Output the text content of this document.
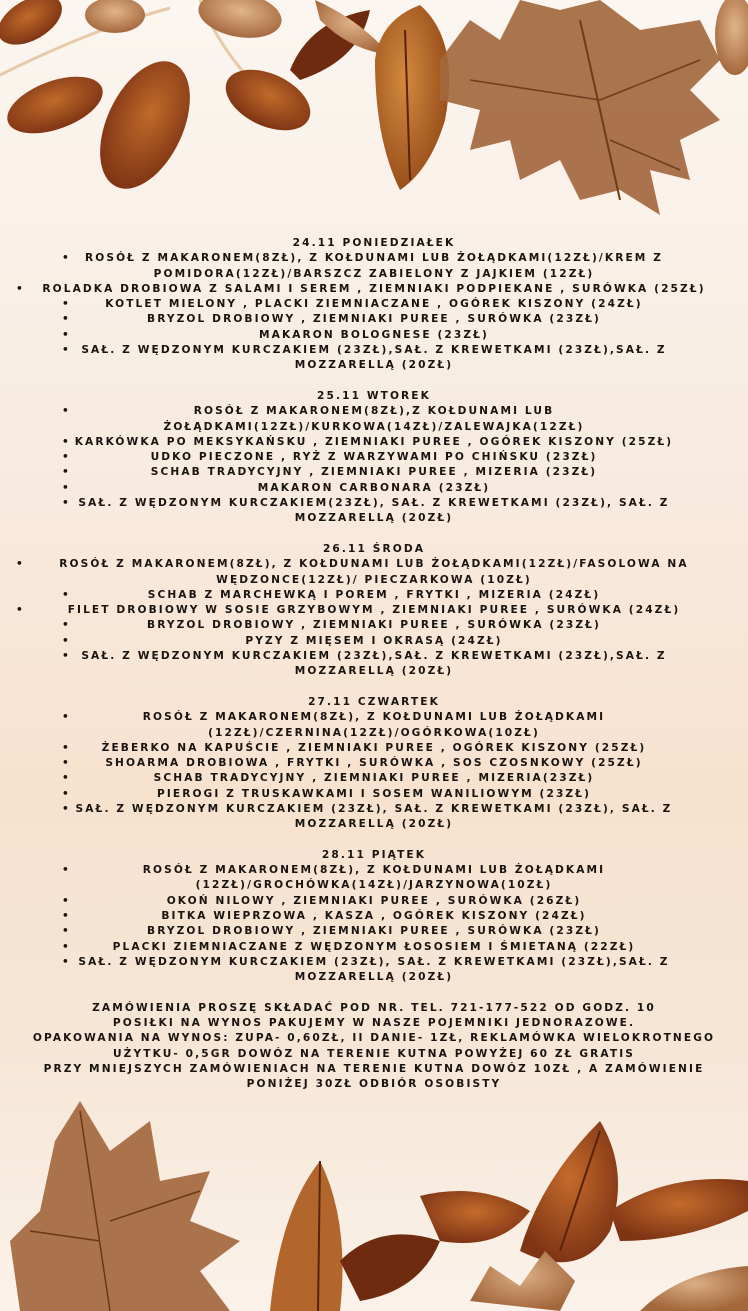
24.11 PONIEDZIAŁEK
• ROSÓŁ Z MAKARONEM(8ZŁ), Z KOŁDUNAMI LUB ŻOŁĄDKAMI(12ZŁ)/KREM Z POMIDORA(12ZŁ)/BARSZCZ ZABIELONY Z JAJKIEM (12ZŁ)
• ROLADKA DROBIOWA Z SALAMI I SEREM , ZIEMNIAKI PODPIEKANE , SURÓWKA (25ZŁ)
•	KOTLET MIELONY , PLACKI ZIEMNIACZANE , OGÓREK KISZONY (24ZŁ)
•	BRYZOL DROBIOWY , ZIEMNIAKI PUREE , SURÓWKA (23ZŁ)
•	MAKARON BOLOGNESE (23ZŁ)
• SAŁ. Z WĘDZONYM KURCZAKIEM (23ZŁ),SAŁ. Z KREWETKAMI (23ZŁ),SAŁ. Z MOZZARELLĄ (20ZŁ)
25.11 WTOREK
•	ROSÓŁ Z MAKARONEM(8ZŁ),Z KOŁDUNAMI LUB ŻOŁĄDKAMI(12ZŁ)/KURKOWA(14ZŁ)/ZALEWAJKA(12ZŁ)
• KARKÓWKA PO MEKSYKAŃSKU , ZIEMNIAKI PUREE , OGÓREK KISZONY (25ZŁ)
•	UDKO PIECZONE , RYŻ Z WARZYWAMI PO CHIŃSKU (23ZŁ)
•	SCHAB TRADYCYJNY , ZIEMNIAKI PUREE , MIZERIA (23ZŁ)
•	MAKARON CARBONARA (23ZŁ)
• SAŁ. Z WĘDZONYM KURCZAKIEM(23ZŁ), SAŁ. Z KREWETKAMI (23ZŁ), SAŁ. Z MOZZARELLĄ (20ZŁ)
26.11 ŚRODA
•	ROSÓŁ Z MAKARONEM(8ZŁ), Z KOŁDUNAMI LUB ŻOŁĄDKAMI(12ZŁ)/FASOLOWA NA WĘDZONCE(12ZŁ)/ PIECZARKOWA (10ZŁ)
•	SCHAB Z MARCHEWKĄ I POREM , FRYTKI , MIZERIA (24ZŁ)
•	FILET DROBIOWY W SOSIE GRZYBOWYM , ZIEMNIAKI PUREE , SURÓWKA (24ZŁ)
•	BRYZOL DROBIOWY , ZIEMNIAKI PUREE , SURÓWKA (23ZŁ)
•	PYZY Z MIĘSEM I OKRASĄ (24ZŁ)
• SAŁ. Z WĘDZONYM KURCZAKIEM (23ZŁ),SAŁ. Z KREWETKAMI (23ZŁ),SAŁ. Z MOZZARELLĄ (20ZŁ)
27.11 CZWARTEK
•	ROSÓŁ Z MAKARONEM(8ZŁ), Z KOŁDUNAMI LUB ŻOŁĄDKAMI (12ZŁ)/CZERNINA(12ZŁ)/OGÓRKOWA(10ZŁ)
•	ŻEBERKO NA KAPUŚCIE , ZIEMNIAKI PUREE , OGÓREK KISZONY (25ZŁ)
•	SHOARMA DROBIOWA , FRYTKI , SURÓWKA , SOS CZOSNKOWY (25ZŁ)
•	SCHAB TRADYCYJNY , ZIEMNIAKI PUREE , MIZERIA(23ZŁ)
•	PIEROGI Z TRUSKAWKAMI I SOSEM WANILIOWYM (23ZŁ)
• SAŁ. Z WĘDZONYM KURCZAKIEM (23ZŁ), SAŁ. Z KREWETKAMI (23ZŁ), SAŁ. Z MOZZARELLĄ (20ZŁ)
28.11 PIĄTEK
•	ROSÓŁ Z MAKARONEM(8ZŁ), Z KOŁDUNAMI LUB ŻOŁĄDKAMI (12ZŁ)/GROCHÓWKA(14ZŁ)/JARZYNOWA(10ZŁ)
•	OKOŃ NILOWY , ZIEMNIAKI PUREE , SURÓWKA (26ZŁ)
•	BITKA WIEPRZOWA , KASZA , OGÓREK KISZONY (24ZŁ)
•	BRYZOL DROBIOWY , ZIEMNIAKI PUREE , SURÓWKA (23ZŁ)
•	PLACKI ZIEMNIACZANE Z WĘDZONYM ŁOSOSIEM I ŚMIETANĄ (22ZŁ)
• SAŁ. Z WĘDZONYM KURCZAKIEM (23ZŁ), SAŁ. Z KREWETKAMI (23ZŁ),SAŁ. Z MOZZARELLĄ (20ZŁ)
ZAMÓWIENIA PROSZĘ SKŁADAĆ POD NR. TEL. 721-177-522 OD GODZ. 10
POSIŁKI NA WYNOS PAKUJEMY W NASZE POJEMNIKI JEDNORAZOWE.
OPAKOWANIA NA WYNOS: ZUPA- 0,60ZŁ, II DANIE- 1ZŁ, REKLAMÓWKA WIELOKROTNEGO UŻYTKU- 0,5GR DOWÓZ NA TERENIE KUTNA POWYŻEJ 60 ZŁ GRATIS
PRZY MNIEJSZYCH ZAMÓWIENIACH NA TERENIE KUTNA DOWÓZ 10ZŁ , A ZAMÓWIENIE PONIŻEJ 30ZŁ ODBIÓR OSOBISTY
